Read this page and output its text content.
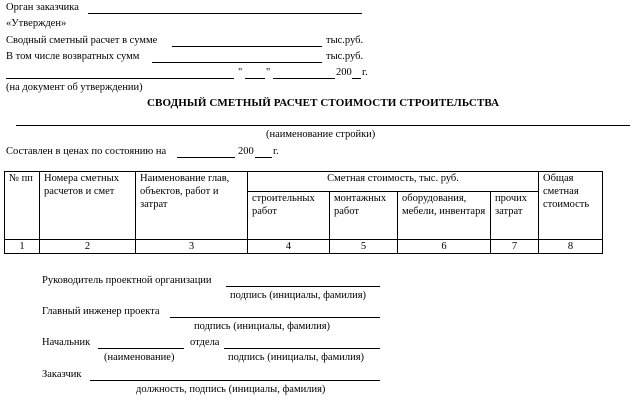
Орган заказчика
«Утвержден»
Сводный сметный расчет в сумме	тыс.руб.
В том числе возвратных сумм	тыс.руб.
" "	200 г.
(на документ об утверждении)
СВОДНЫЙ СМЕТНЫЙ РАСЧЕТ СТОИМОСТИ СТРОИТЕЛЬСТВА
(наименование стройки)
Составлен в ценах по состоянию на	200 г.
№ пп	Номера сметных расчетов и смет	Наименование глав, объектов, работ и затрат	Сметная стоимость, тыс. руб.				Общая сметная стоимость
			строительных работ	монтажных работ	оборудования, мебели, инвентаря	прочих затрат	
1	2	3	4	5	6	7	8
Руководитель проектной организации
подпись (инициалы, фамилия)
Главный инженер проекта
подпись (инициалы, фамилия)
Начальник	отдела
(наименование)	подпись (инициалы, фамилия)
Заказчик
должность, подпись (инициалы, фамилия)
